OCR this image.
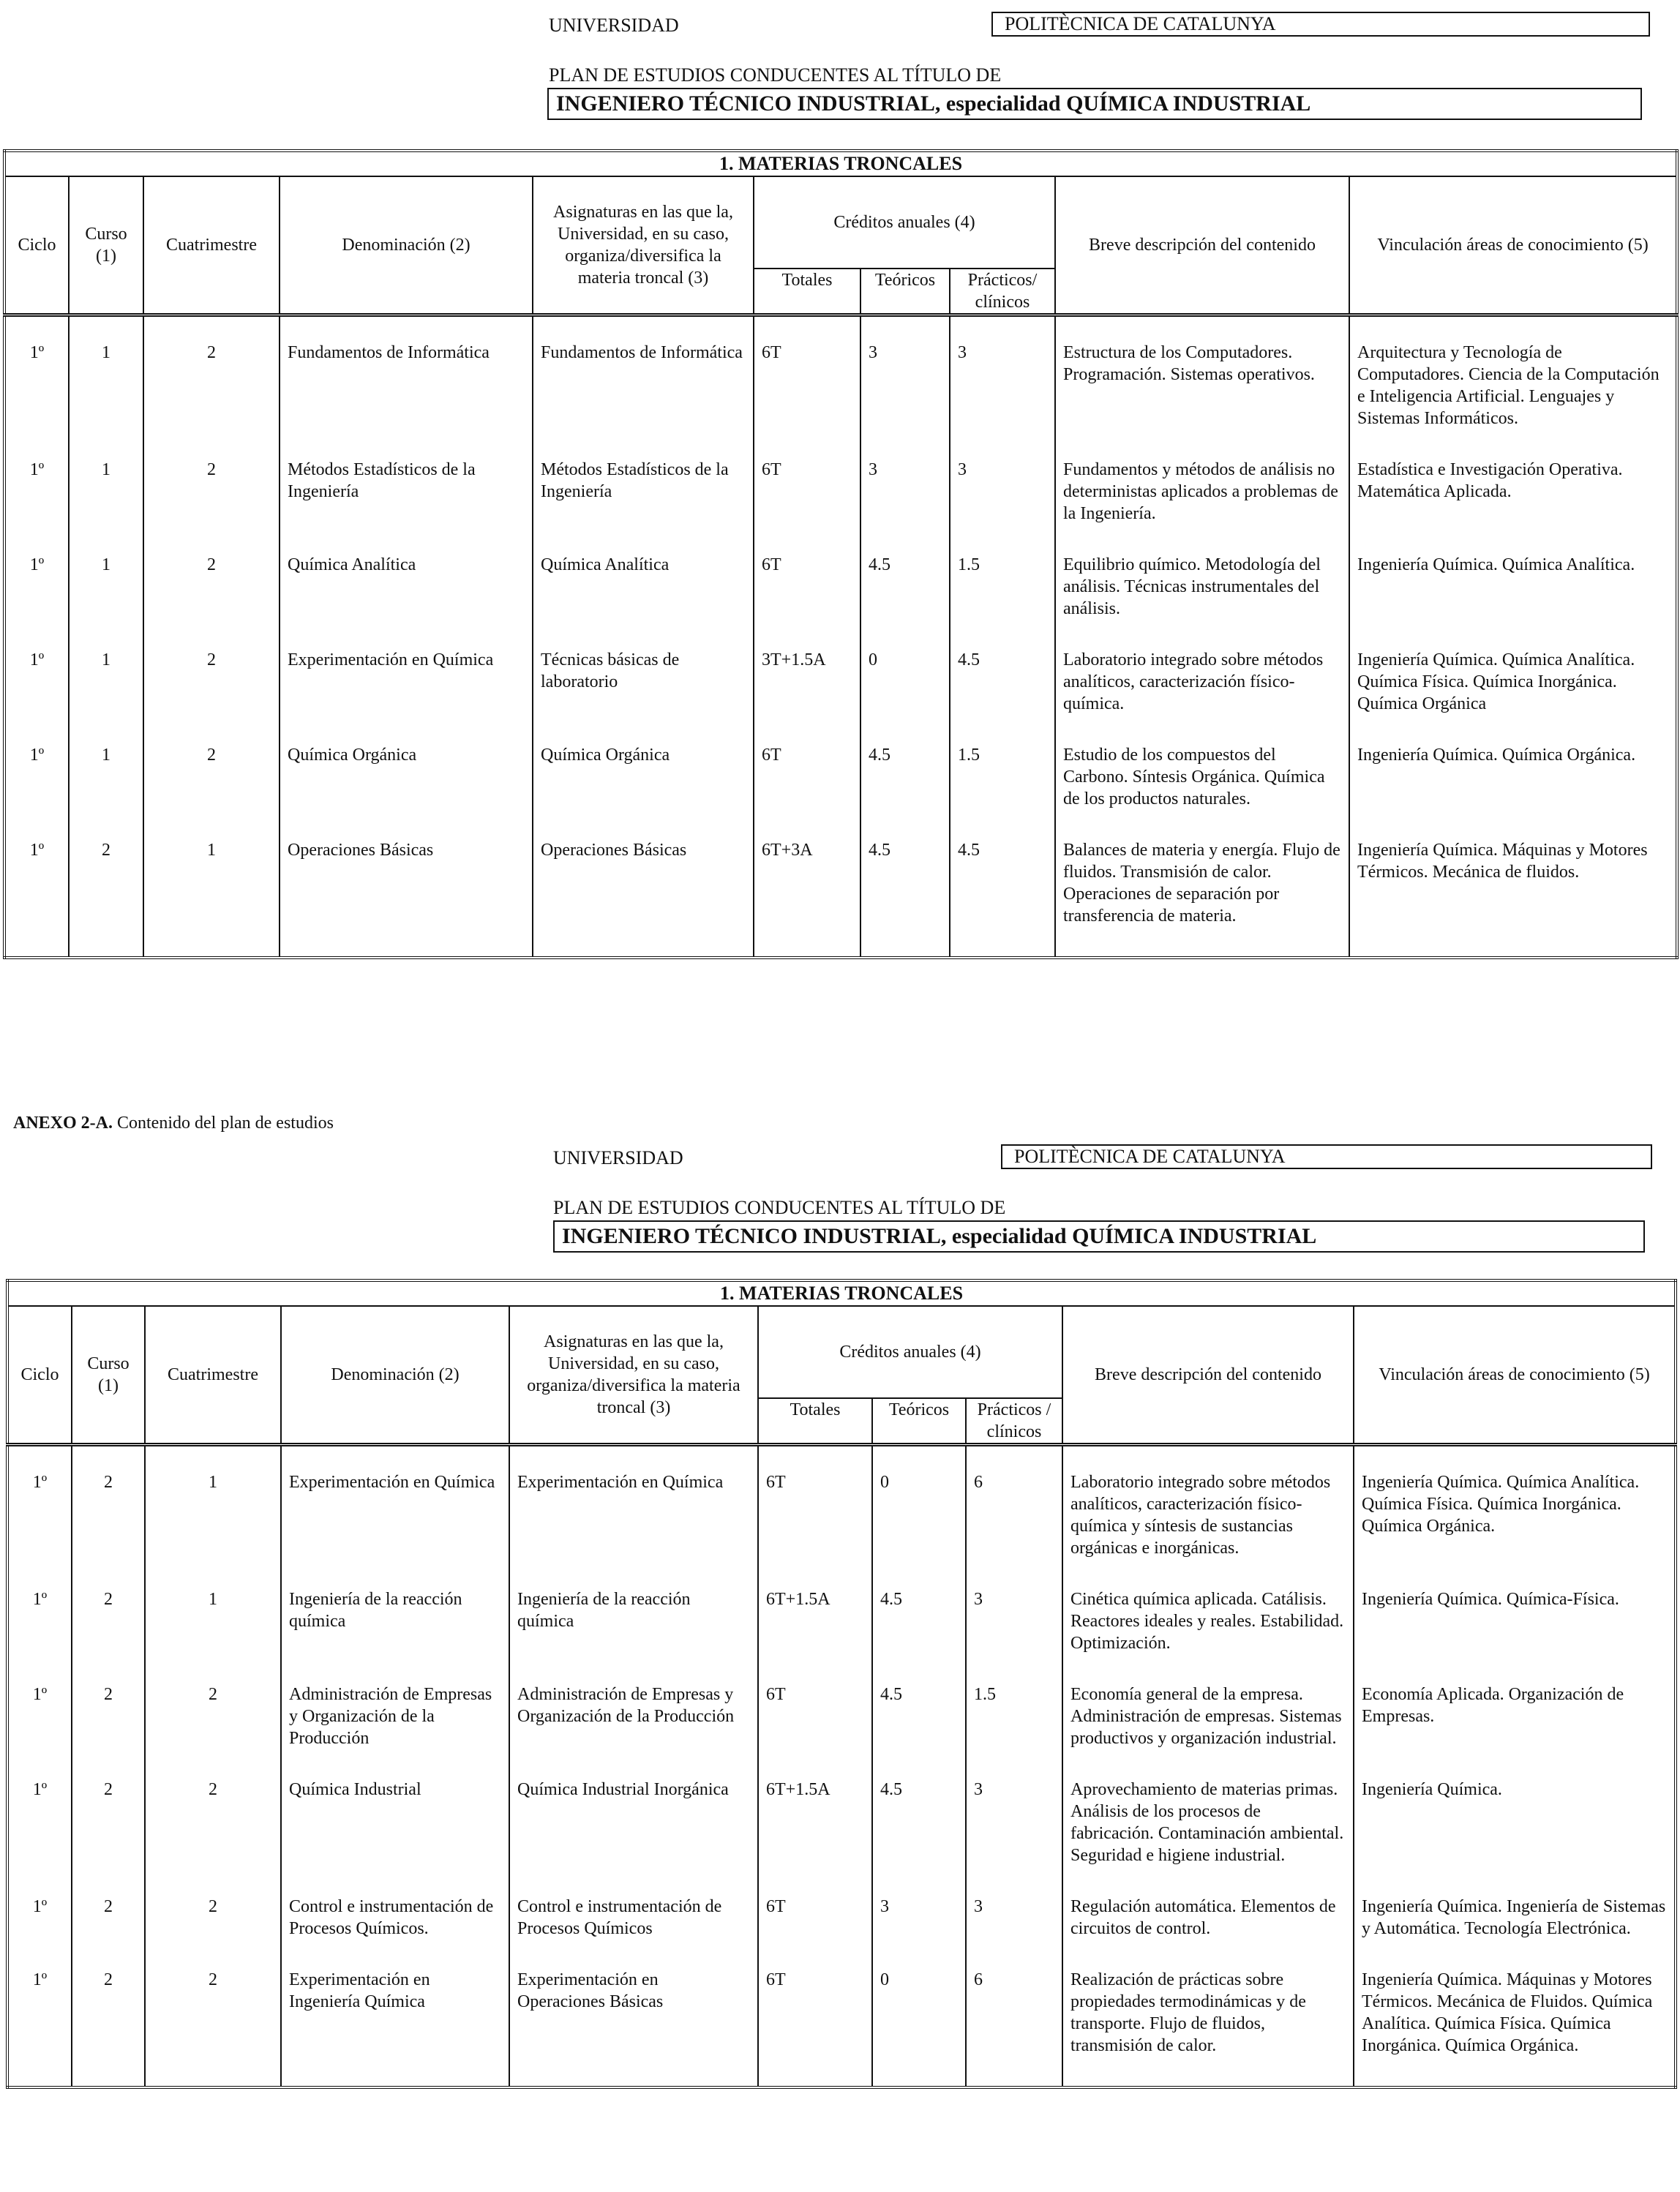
UNIVERSIDAD	POLITÈCNICA DE CATALUNYA
PLAN DE ESTUDIOS CONDUCENTES AL TÍTULO DE
INGENIERO TÉCNICO INDUSTRIAL, especialidad QUÍMICA INDUSTRIAL
1. MATERIAS TRONCALES									
Ciclo	Curso (1)	Cuatrimestre	Denominación (2)	Asignaturas en las que la, Universidad, en su caso, organiza/diversifica la materia troncal (3)	Créditos anuales (4)			Breve descripción del contenido	Vinculación áreas de conocimiento (5)
					Totales	Teóricos	Prácticos/ clínicos		
1º	1	2	Fundamentos de Informática	Fundamentos de Informática	6T	3	3	Estructura de los Computadores. Programación. Sistemas operativos.	Arquitectura y Tecnología de Computadores. Ciencia de la Computación e Inteligencia Artificial. Lenguajes y Sistemas Informáticos.
1º	1	2	Métodos Estadísticos de la Ingeniería	Métodos Estadísticos de la Ingeniería	6T	3	3	Fundamentos y métodos de análisis no deterministas aplicados a problemas de la Ingeniería.	Estadística e Investigación Operativa. Matemática Aplicada.
1º	1	2	Química Analítica	Química Analítica	6T	4.5	1.5	Equilibrio químico. Metodología del análisis. Técnicas instrumentales del análisis.	Ingeniería Química. Química Analítica.
1º	1	2	Experimentación en Química	Técnicas básicas de laboratorio	3T+1.5A	0	4.5	Laboratorio integrado sobre métodos analíticos, caracterización físico-química.	Ingeniería Química. Química Analítica. Química Física. Química Inorgánica. Química Orgánica
1º	1	2	Química Orgánica	Química Orgánica	6T	4.5	1.5	Estudio de los compuestos del Carbono. Síntesis Orgánica. Química de los productos naturales.	Ingeniería Química. Química Orgánica.
1º	2	1	Operaciones Básicas	Operaciones Básicas	6T+3A	4.5	4.5	Balances de materia y energía. Flujo de fluidos. Transmisión de calor. Operaciones de separación por transferencia de materia.	Ingeniería Química. Máquinas y Motores Térmicos. Mecánica de fluidos.
ANEXO 2-A. Contenido del plan de estudios
UNIVERSIDAD	POLITÈCNICA DE CATALUNYA
PLAN DE ESTUDIOS CONDUCENTES AL TÍTULO DE
INGENIERO TÉCNICO INDUSTRIAL, especialidad QUÍMICA INDUSTRIAL
1. MATERIAS TRONCALES									
Ciclo	Curso (1)	Cuatrimestre	Denominación (2)	Asignaturas en las que la, Universidad, en su caso, organiza/diversifica la materia troncal (3)	Créditos anuales (4)			Breve descripción del contenido	Vinculación áreas de conocimiento (5)
					Totales	Teóricos	Prácticos / clínicos		
1º	2	1	Experimentación en Química	Experimentación en Química	6T	0	6	Laboratorio integrado sobre métodos analíticos, caracterización físico-química y síntesis de sustancias orgánicas e inorgánicas.	Ingeniería Química. Química Analítica. Química Física. Química Inorgánica. Química Orgánica.
1º	2	1	Ingeniería de la reacción química	Ingeniería de la reacción química	6T+1.5A	4.5	3	Cinética química aplicada. Catálisis. Reactores ideales y reales. Estabilidad. Optimización.	Ingeniería Química. Química-Física.
1º	2	2	Administración de Empresas y Organización de la Producción	Administración de Empresas y Organización de la Producción	6T	4.5	1.5	Economía general de la empresa. Administración de empresas. Sistemas productivos y organización industrial.	Economía Aplicada. Organización de Empresas.
1º	2	2	Química Industrial	Química Industrial Inorgánica	6T+1.5A	4.5	3	Aprovechamiento de materias primas. Análisis de los procesos de fabricación. Contaminación ambiental. Seguridad e higiene industrial.	Ingeniería Química.
1º	2	2	Control e instrumentación de Procesos Químicos.	Control e instrumentación de Procesos Químicos	6T	3	3	Regulación automática. Elementos de circuitos de control.	Ingeniería Química. Ingeniería de Sistemas y Automática. Tecnología Electrónica.
1º	2	2	Experimentación en Ingeniería Química	Experimentación en Operaciones Básicas	6T	0	6	Realización de prácticas sobre propiedades termodinámicas y de transporte. Flujo de fluidos, transmisión de calor.	Ingeniería Química. Máquinas y Motores Térmicos. Mecánica de Fluidos. Química Analítica. Química Física. Química Inorgánica. Química Orgánica.
